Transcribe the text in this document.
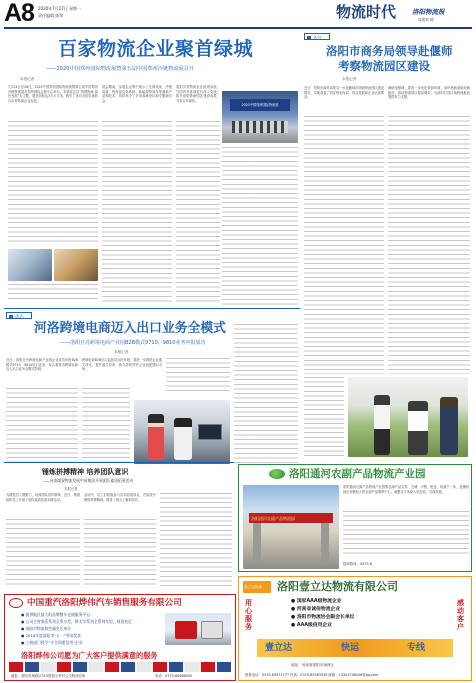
A8 2020年7月27日 星期一
责任编辑 陈荣	物流时代 洛阳物流报
周报第 期
百家物流企业聚首绿城
——2020中国郑州国际物流展暨第五届中国郑州冷链物流展召开
本报记者
7月24日至26日，2020中国郑州国际物流展暨第五届中国郑州冷链物流展在郑州国际会展中心举办。本届展会以“智慧物流 绿色发展”为主题，展览面积达3万平方米，吸引了来自全国各地的百余家物流企业参展。
展会期间，参展企业集中展示了仓储设备、冷链装备、物流信息化系统、新能源物流车等最新产品和技术，同时举办了多场高峰论坛和专题研讨会。
洛阳多家物流企业组团参展，与国内外客商进行深入交流，推介洛阳物流园区建设成果，寻求合作商机。
2020中国郑州国际物流展
关注
洛阳市商务局领导赴偃师
考察物流园区建设
本报记者
近日，洛阳市商务局领导一行赴偃师市调研物流园区建设情况，实地查看了园区规划布局、项目进展和企业运营情况。
调研组强调，要进一步优化营商环境，加快物流基础设施建设，推动物流园区提质增效，为洛阳打造区域物流枢纽提供有力支撑。
动态
河洛跨境电商迈入出口业务全模式
——洛阳豆丹跨境电商产业园B2B模式9710、9810业务申报成功
本报记者
近日，洛阳豆丹跨境电商产业园企业成功申报B2B模式9710、9810出口业务，标志着我市跨境电商迈入出口业务全模式阶段。
跨境电商B2B出口监管试点的开展，将进一步降低企业通关成本，提升通关效率，助力洛阳外贸企业拓展国际市场。
锤炼拼搏精神 培养团队意识
——河南煤炭物流发展中原集团开展团队素质拓展活动
本报记者
为增强员工凝聚力，培养团队协作精神，近日，集团组织员工开展了团队素质拓展训练活动。
活动中，员工们积极参与各项拓展项目，在挑战中锤炼拼搏精神，增进了相互了解和信任。
洛阳通河农副产品物流产业园
洛阳通河农副产品物流园
洛阳通河农副产品物流产业园集农副产品交易、仓储、冷链、配送、检测于一体，是豫西地区规模较大的农副产品集散中心。诚邀各方客商入驻经营，共谋发展。
招商热线：0379-6
中国重汽洛阳烨伟汽车销售服务有限公司
● 提供地区最大的品牌整车仓储服务平台
● 公司主营豪沃系列全系车型，斯太尔系列全系列车型，现货充足
● 洛阳市物流协会副会长单位
● 2018年度洛阳市“五一”劳动奖状
● 工商部门授予“守合同重信用”企业
洛阳烨伟公司愿为广大客户提供满意的服务
地址：洛阳市涧西区310国道小李村立交桥西北角	电话：0379-60686000
壹立达物流 洛阳壹立达物流有限公司
用心服务
感动客户
● 国家AAA级物流企业
● 河南省诚信物流企业
● 洛阳市物流协会副会长单位
● AAA级信用企业
壹立达	快运	专线
地址：河南省洛阳市涧西区
联系电话：0379-65971777 传真：0379-65983939 邮箱：13303798008@qq.com
